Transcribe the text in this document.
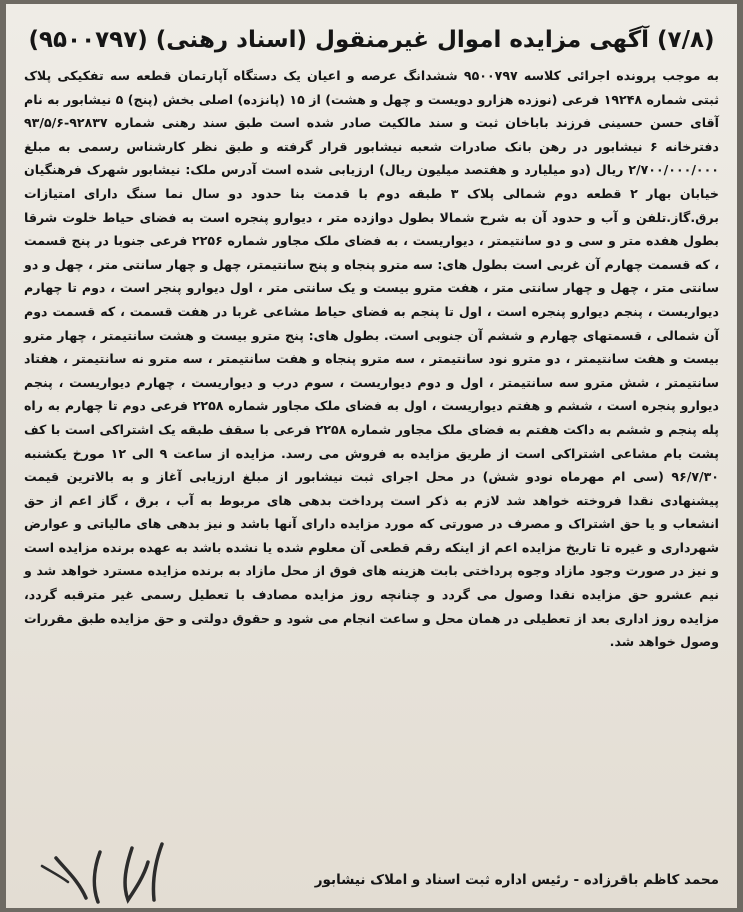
(۷/۸) آگهی مزایده اموال غیرمنقول (اسناد رهنی) (۹۵۰۰۷۹۷)

به موجب پرونده اجرائی کلاسه ۹۵۰۰۷۹۷ ششدانگ عرصه و اعیان یک دستگاه آپارتمان قطعه سه تفکیکی پلاک ثبتی شماره ۱۹۲۴۸ فرعی (نوزده هزارو دویست و چهل و هشت) از ۱۵ (پانزده) اصلی بخش (پنج) ۵ نیشابور به نام آقای حسن حسینی فرزند باباخان ثبت و سند مالکیت صادر شده است طبق سند رهنی شماره ۹۲۸۳۷-۹۳/۵/۶ دفترخانه ۶ نیشابور در رهن بانک صادرات شعبه نیشابور قرار گرفته و طبق نظر کارشناس رسمی به مبلغ ۲/۷۰۰/۰۰۰/۰۰۰ ریال (دو میلیارد و هفتصد میلیون ریال) ارزیابی شده است آدرس ملک: نیشابور شهرک فرهنگیان خیابان بهار ۲ قطعه دوم شمالی پلاک ۳ طبقه دوم با قدمت بنا حدود دو سال نما سنگ دارای امتیازات برق.گاز.تلفن و آب و حدود آن به شرح شمالا بطول دوازده متر ، دیوارو پنجره است به فضای حیاط خلوت شرقا بطول هفده متر و سی و دو سانتیمتر ، دیواریست ، به فضای ملک مجاور شماره ۲۲۵۶ فرعی جنوبا در پنج قسمت ، که قسمت چهارم آن غربی است بطول های: سه مترو پنجاه و پنج سانتیمتر، چهل و چهار سانتی متر ، چهل و دو سانتی متر ، چهل و چهار سانتی متر ، هفت مترو بیست و یک سانتی متر ، اول دیوارو پنجر است ، دوم تا چهارم دیواریست ، پنجم دیوارو پنجره است ، اول تا پنجم به فضای حیاط مشاعی غربا در هفت قسمت ، که قسمت دوم آن شمالی ، قسمتهای چهارم و ششم آن جنوبی است. بطول های: پنج مترو بیست و هشت سانتیمتر ، چهار مترو بیست و هفت سانتیمتر ، دو مترو نود سانتیمتر ، سه مترو پنجاه و هفت سانتیمتر ، سه مترو نه سانتیمتر ، هفتاد سانتیمتر ، شش مترو سه سانتیمتر ، اول و دوم دیواریست ، سوم درب و دیواریست ، چهارم دیواریست ، پنجم دیوارو پنجره است ، ششم و هفتم دیواریست ، اول به فضای ملک مجاور شماره ۲۲۵۸ فرعی دوم تا چهارم به راه پله پنجم و ششم به داکت هفتم به فضای ملک مجاور شماره ۲۲۵۸ فرعی با سقف طبقه یک اشتراکی است با کف پشت بام مشاعی اشتراکی است از طریق مزایده به فروش می رسد. مزایده از ساعت ۹ الی ۱۲ مورخ یکشنبه ۹۶/۷/۳۰ (سی ام مهرماه نودو شش) در محل اجرای ثبت نیشابور از مبلغ ارزیابی آغاز و به بالاترین قیمت پیشنهادی نقدا فروخته خواهد شد لازم به ذکر است پرداخت بدهی های مربوط به آب ، برق ، گاز اعم از حق انشعاب و یا حق اشتراک و مصرف در صورتی که مورد مزایده دارای آنها باشد و نیز بدهی های مالیاتی و عوارض شهرداری و غیره تا تاریخ مزایده اعم از اینکه رقم قطعی آن معلوم شده یا نشده باشد به عهده برنده مزایده است و نیز در صورت وجود مازاد وجوه پرداختی بابت هزینه های فوق از محل مازاد به برنده مزایده مسترد خواهد شد و نیم عشرو حق مزایده نقدا وصول می گردد و چنانچه روز مزایده مصادف با تعطیل رسمی غیر مترقبه گردد، مزایده روز اداری بعد از تعطیلی در همان محل و ساعت انجام می شود و حقوق دولتی و حق مزایده طبق مقررات وصول خواهد شد.

محمد کاظم باقرزاده - رئیس اداره ثبت اسناد و املاک نیشابور
